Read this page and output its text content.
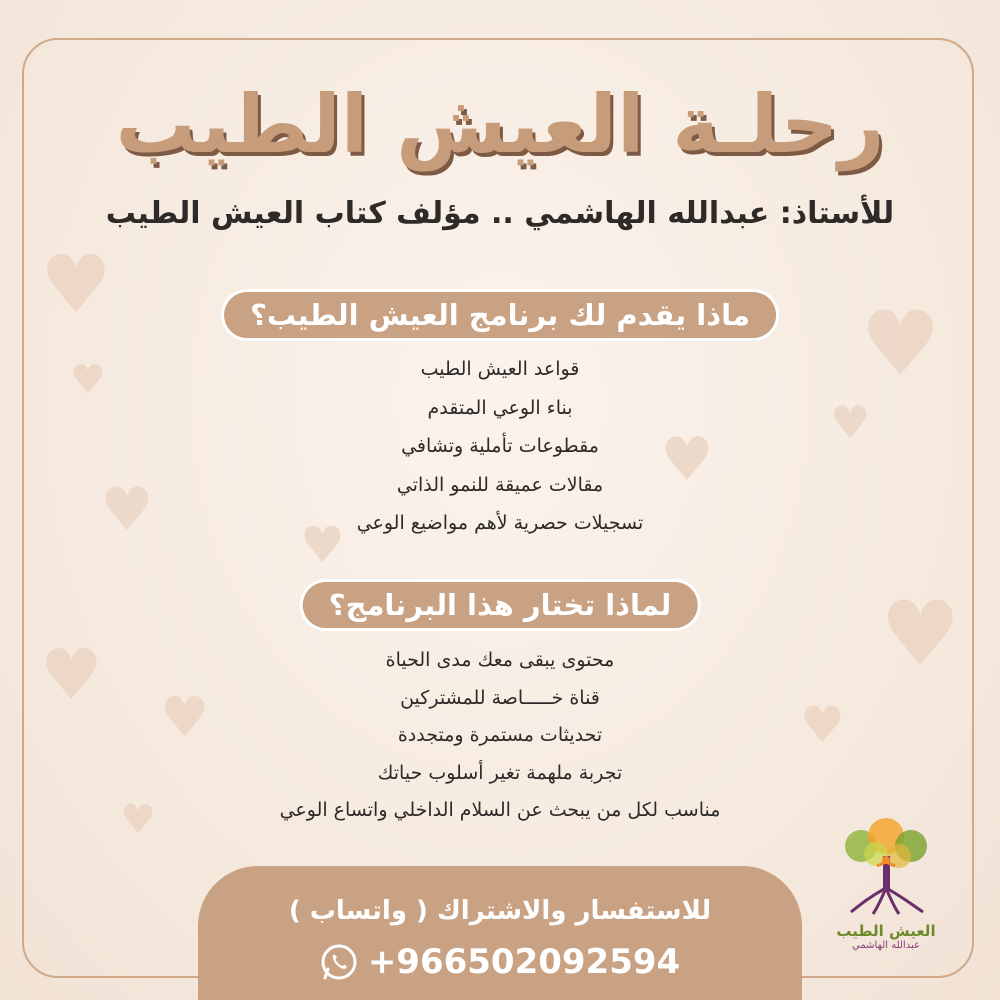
♥
♥
♥
♥
♥
♥
♥
♥
♥
♥
♥
♥
رحلـة العيش الطيب
للأستاذ: عبدالله الهاشمي .. مؤلف كتاب العيش الطيب
ماذا يقدم لك برنامج العيش الطيب؟
قواعد العيش الطيب
بناء الوعي المتقدم
مقطوعات تأملية وتشافي
مقالات عميقة للنمو الذاتي
تسجيلات حصرية لأهم مواضيع الوعي
لماذا تختار هذا البرنامج؟
محتوى يبقى معك مدى الحياة
قناة خـــــاصة للمشتركين
تحديثات مستمرة ومتجددة
تجربة ملهمة تغير أسلوب حياتك
مناسب لكل من يبحث عن السلام الداخلي واتساع الوعي
للاستفسار والاشتراك ( واتساب )
+966502092594
العيش الطيب
عبدالله الهاشمي
